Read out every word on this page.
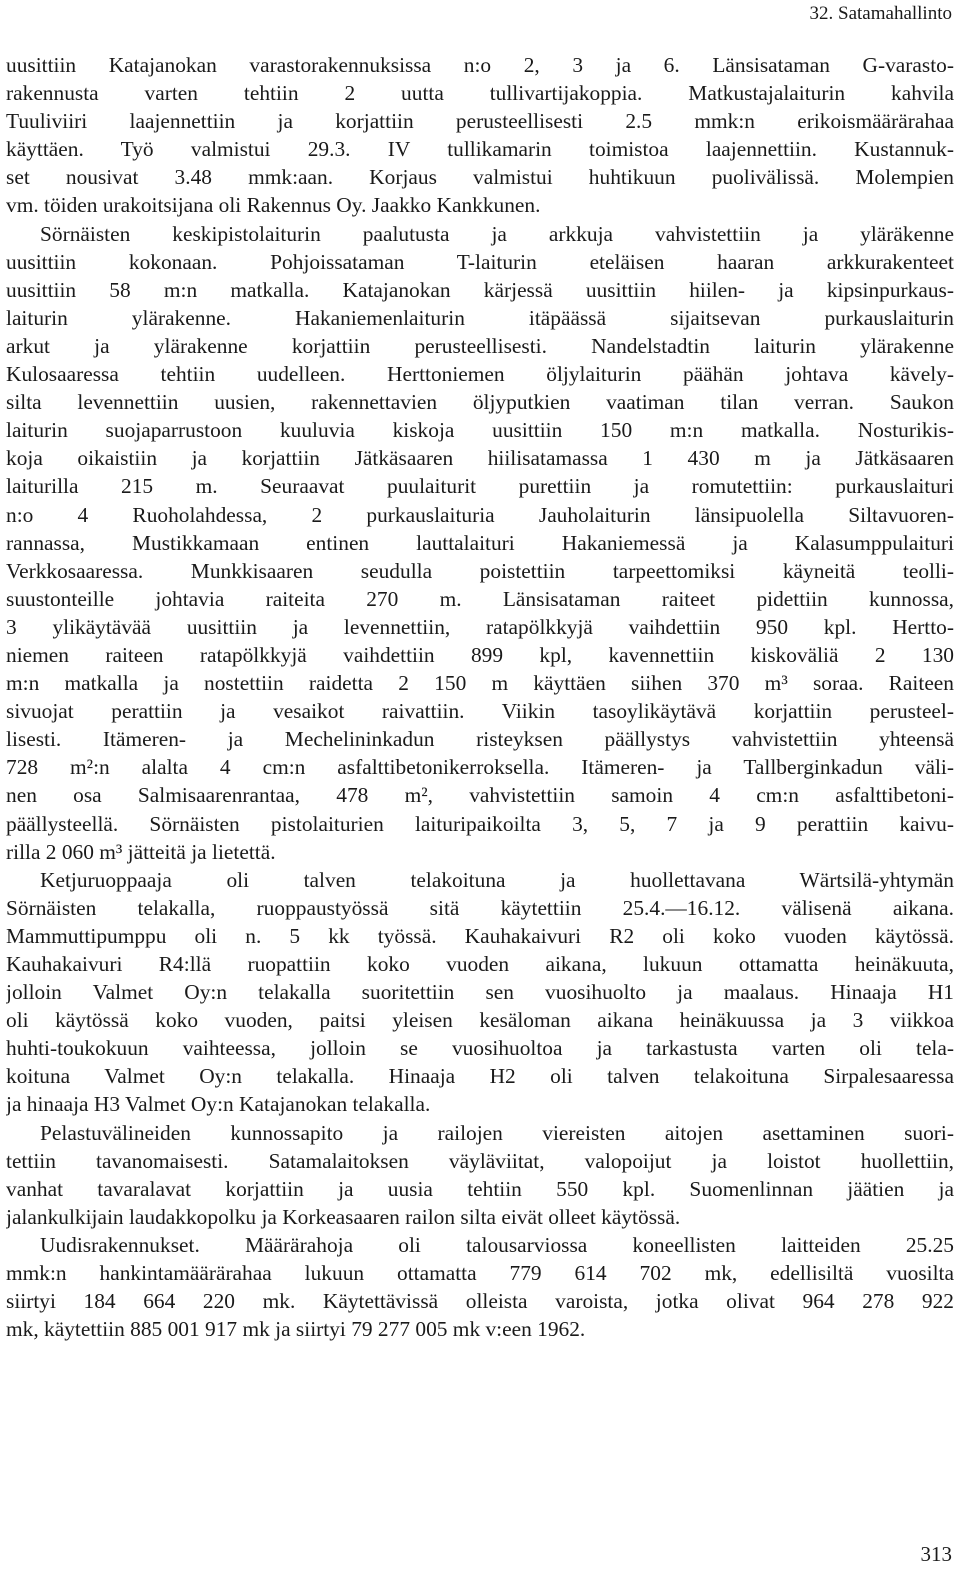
32. Satamahallinto
uusittiin Katajanokan varastorakennuksissa n:o 2, 3 ja 6. Länsisataman G-varasto-
rakennusta varten tehtiin 2 uutta tullivartijakoppia. Matkustajalaiturin kahvila
Tuuliviiri laajennettiin ja korjattiin perusteellisesti 2.5 mmk:n erikoismäärärahaa
käyttäen. Työ valmistui 29.3. IV tullikamarin toimistoa laajennettiin. Kustannuk-
set nousivat 3.48 mmk:aan. Korjaus valmistui huhtikuun puolivälissä. Molempien
vm. töiden urakoitsijana oli Rakennus Oy. Jaakko Kankkunen.
Sörnäisten keskipistolaiturin paalutusta ja arkkuja vahvistettiin ja yläräkenne
uusittiin kokonaan. Pohjoissataman T-laiturin eteläisen haaran arkkurakenteet
uusittiin 58 m:n matkalla. Katajanokan kärjessä uusittiin hiilen- ja kipsinpurkaus-
laiturin ylärakenne. Hakaniemenlaiturin itäpäässä sijaitsevan purkauslaiturin
arkut ja ylärakenne korjattiin perusteellisesti. Nandelstadtin laiturin ylärakenne
Kulosaaressa tehtiin uudelleen. Herttoniemen öljylaiturin päähän johtava kävely-
silta levennettiin uusien, rakennettavien öljyputkien vaatiman tilan verran. Saukon
laiturin suojaparrustoon kuuluvia kiskoja uusittiin 150 m:n matkalla. Nosturikis-
koja oikaistiin ja korjattiin Jätkäsaaren hiilisatamassa 1 430 m ja Jätkäsaaren
laiturilla 215 m. Seuraavat puulaiturit purettiin ja romutettiin: purkauslaituri
n:o 4 Ruoholahdessa, 2 purkauslaituria Jauholaiturin länsipuolella Siltavuoren-
rannassa, Mustikkamaan entinen lauttalaituri Hakaniemessä ja Kalasumppulaituri
Verkkosaaressa. Munkkisaaren seudulla poistettiin tarpeettomiksi käyneitä teolli-
suustonteille johtavia raiteita 270 m. Länsisataman raiteet pidettiin kunnossa,
3 ylikäytävää uusittiin ja levennettiin, ratapölkkyjä vaihdettiin 950 kpl. Hertto-
niemen raiteen ratapölkkyjä vaihdettiin 899 kpl, kavennettiin kiskoväliä 2 130
m:n matkalla ja nostettiin raidetta 2 150 m käyttäen siihen 370 m³ soraa. Raiteen
sivuojat perattiin ja vesaikot raivattiin. Viikin tasoylikäytävä korjattiin perusteel-
lisesti. Itämeren- ja Mechelininkadun risteyksen päällystys vahvistettiin yhteensä
728 m²:n alalta 4 cm:n asfalttibetonikerroksella. Itämeren- ja Tallberginkadun väli-
nen osa Salmisaarenrantaa, 478 m², vahvistettiin samoin 4 cm:n asfalttibetoni-
päällysteellä. Sörnäisten pistolaiturien laituripaikoilta 3, 5, 7 ja 9 perattiin kaivu-
rilla 2 060 m³ jätteitä ja lietettä.
Ketjuruoppaaja oli talven telakoituna ja huollettavana Wärtsilä-yhtymän
Sörnäisten telakalla, ruoppaustyössä sitä käytettiin 25.4.—16.12. välisenä aikana.
Mammuttipumppu oli n. 5 kk työssä. Kauhakaivuri R2 oli koko vuoden käytössä.
Kauhakaivuri R4:llä ruopattiin koko vuoden aikana, lukuun ottamatta heinäkuuta,
jolloin Valmet Oy:n telakalla suoritettiin sen vuosihuolto ja maalaus. Hinaaja H1
oli käytössä koko vuoden, paitsi yleisen kesäloman aikana heinäkuussa ja 3 viikkoa
huhti-toukokuun vaihteessa, jolloin se vuosihuoltoa ja tarkastusta varten oli tela-
koituna Valmet Oy:n telakalla. Hinaaja H2 oli talven telakoituna Sirpalesaaressa
ja hinaaja H3 Valmet Oy:n Katajanokan telakalla.
Pelastuvälineiden kunnossapito ja railojen viereisten aitojen asettaminen suori-
tettiin tavanomaisesti. Satamalaitoksen väyläviitat, valopoijut ja loistot huollettiin,
vanhat tavaralavat korjattiin ja uusia tehtiin 550 kpl. Suomenlinnan jäätien ja
jalankulkijain laudakkopolku ja Korkeasaaren railon silta eivät olleet käytössä.
Uudisrakennukset. Määrärahoja oli talousarviossa koneellisten laitteiden 25.25
mmk:n hankintamäärärahaa lukuun ottamatta 779 614 702 mk, edellisiltä vuosilta
siirtyi 184 664 220 mk. Käytettävissä olleista varoista, jotka olivat 964 278 922
mk, käytettiin 885 001 917 mk ja siirtyi 79 277 005 mk v:een 1962.
313
